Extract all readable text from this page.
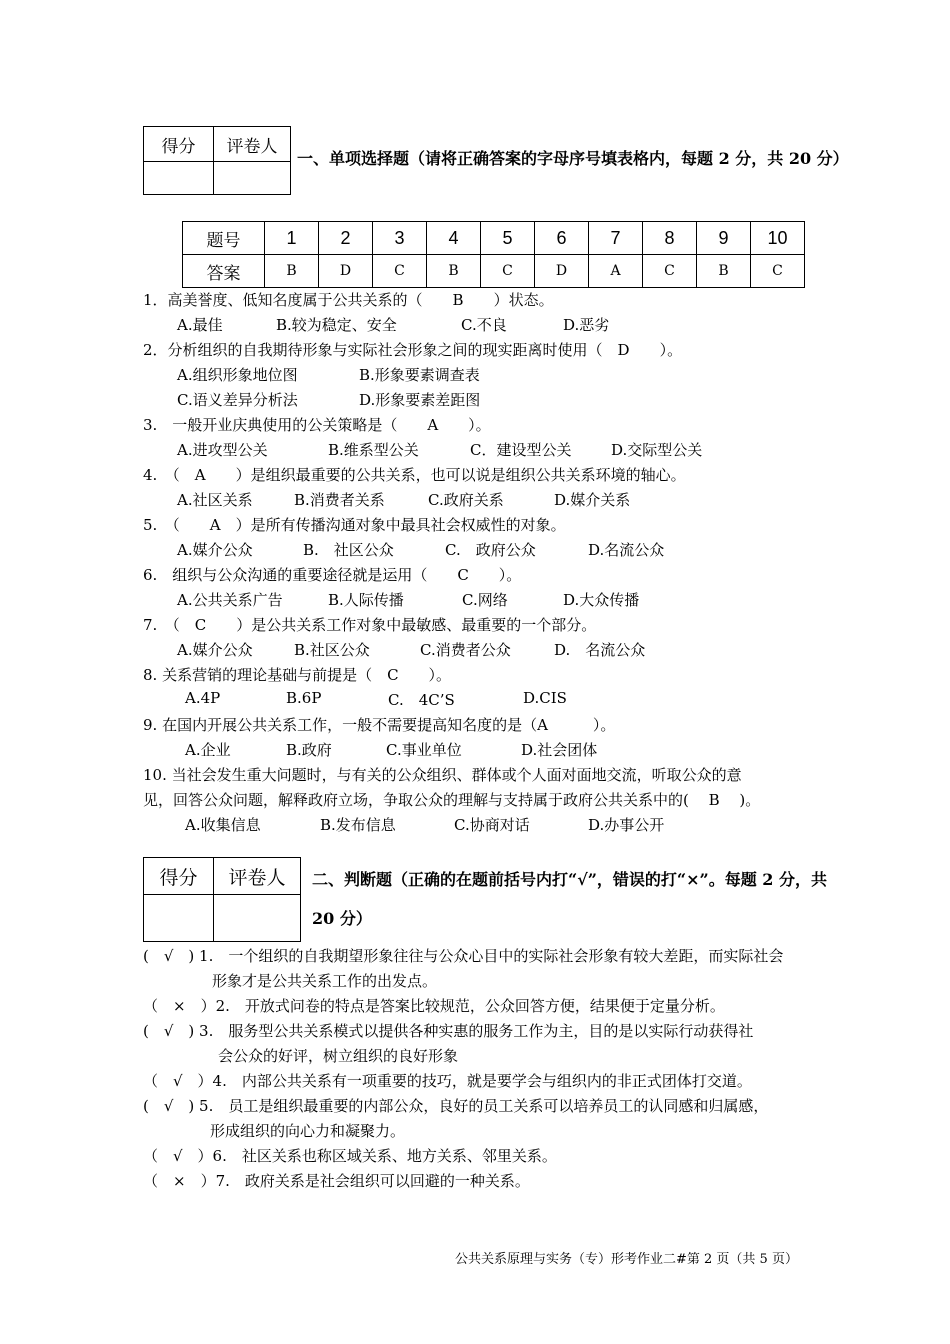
得分	评卷人

一、单项选择题（请将正确答案的字母序号填表格内，每题 2 分，共 20 分）
题号	1	2	3	4	5	6	7	8	9	10
答案	B	D	C	B	C	D	A	C	B	C
1．高美誉度、低知名度属于公共关系的（　　B　　）状态。
A.最佳	B.较为稳定、安全	C.不良	D.恶劣
2．分析组织的自我期待形象与实际社会形象之间的现实距离时使用（　D　　）。
A.组织形象地位图	B.形象要素调查表
C.语义差异分析法	D.形象要素差距图
3.　一般开业庆典使用的公关策略是（　　A　　）。
A.进攻型公关	B.维系型公关	C．建设型公关	D.交际型公关
4.　（　A　　）是组织最重要的公共关系，也可以说是组织公共关系环境的轴心。
A.社区关系	B.消费者关系	C.政府关系	D.媒介关系
5.　（　　A　）是所有传播沟通对象中最具社会权威性的对象。
A.媒介公众	B.　社区公众	C.　政府公众	D.名流公众
6.　组织与公众沟通的重要途径就是运用（　　C　　）。
A.公共关系广告	B.人际传播	C.网络	D.大众传播
7.　（　C　　）是公共关系工作对象中最敏感、最重要的一个部分。
A.媒介公众	B.社区公众	C.消费者公众	D.　名流公众
8. 关系营销的理论基础与前提是（　C　　）。
A.4P	B.6P	C.　4C’S	D.CIS
9. 在国内开展公共关系工作，一般不需要提高知名度的是（A　　　）。
A.企业	B.政府	C.事业单位	D.社会团体
10. 当社会发生重大问题时，与有关的公众组织、群体或个人面对面地交流，听取公众的意
见，回答公众问题，解释政府立场，争取公众的理解与支持属于政府公共关系中的(　 B　 )。
A.收集信息	B.发布信息	C.协商对话	D.办事公开
得分	评卷人
	二、判断题（正确的在题前括号内打“√”，错误的打“×”。每题 2 分，共
20 分）
(　√　) 1.　一个组织的自我期望形象往往与公众心目中的实际社会形象有较大差距，而实际社会
形象才是公共关系工作的出发点。
（　×　）2.　开放式问卷的特点是答案比较规范，公众回答方便，结果便于定量分析。
(　√　) 3.　服务型公共关系模式以提供各种实惠的服务工作为主，目的是以实际行动获得社
会公众的好评，树立组织的良好形象
（　√　）4.　内部公共关系有一项重要的技巧，就是要学会与组织内的非正式团体打交道。
(　√　) 5.　员工是组织最重要的内部公众，良好的员工关系可以培养员工的认同感和归属感，
形成组织的向心力和凝聚力。
（　√　）6.　社区关系也称区域关系、地方关系、邻里关系。
（　×　）7.　政府关系是社会组织可以回避的一种关系。
公共关系原理与实务（专）形考作业二#第 2 页（共 5 页）
